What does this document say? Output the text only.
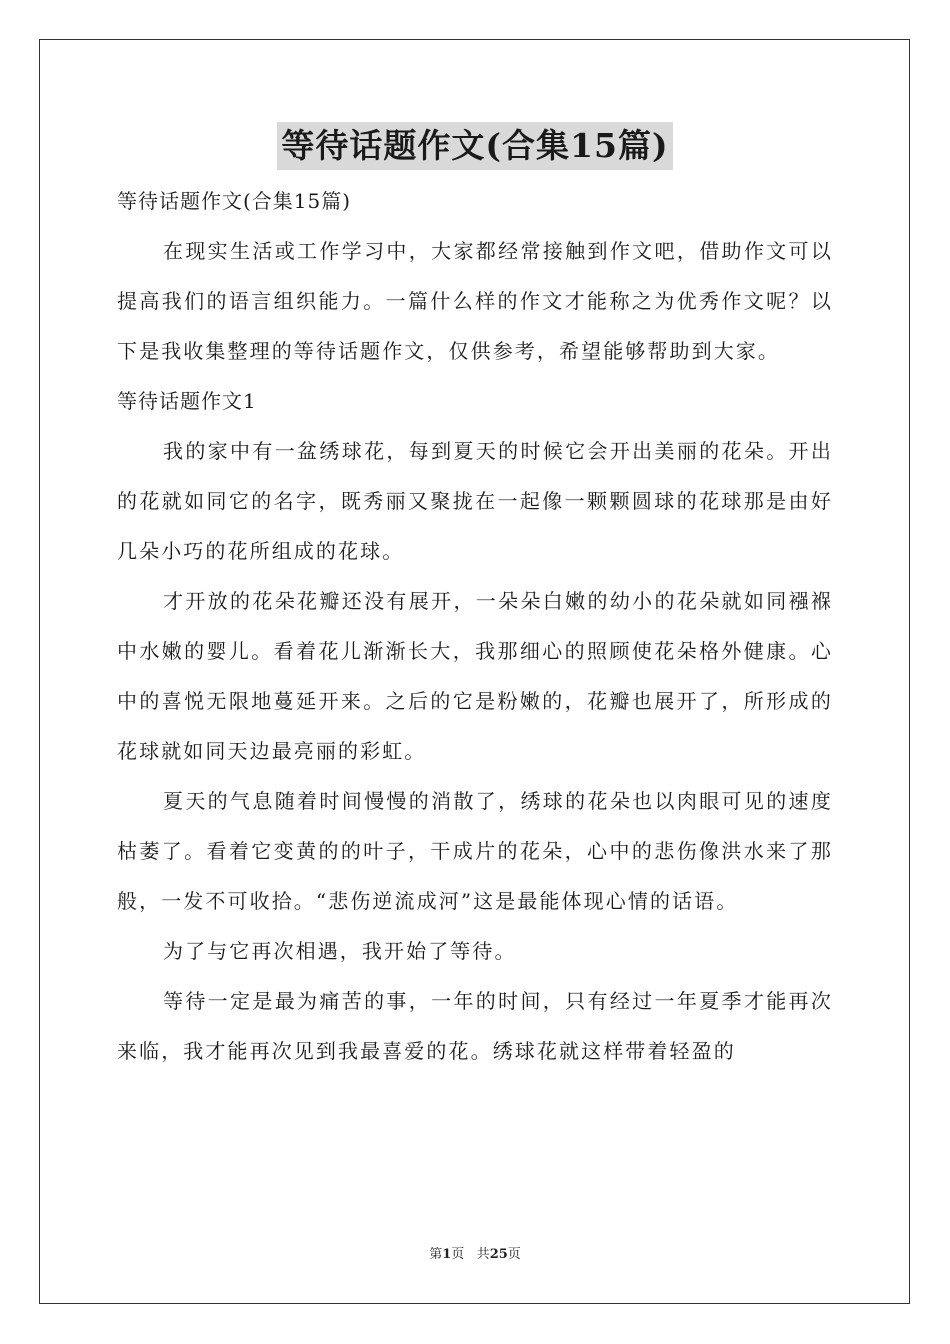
等待话题作文(合集15篇)

等待话题作文(合集15篇)

在现实生活或工作学习中，大家都经常接触到作文吧，借助作文可以提高我们的语言组织能力。一篇什么样的作文才能称之为优秀作文呢？以下是我收集整理的等待话题作文，仅供参考，希望能够帮助到大家。

等待话题作文1

我的家中有一盆绣球花，每到夏天的时候它会开出美丽的花朵。开出的花就如同它的名字，既秀丽又聚拢在一起像一颗颗圆球的花球那是由好几朵小巧的花所组成的花球。

才开放的花朵花瓣还没有展开，一朵朵白嫩的幼小的花朵就如同襁褓中水嫩的婴儿。看着花儿渐渐长大，我那细心的照顾使花朵格外健康。心中的喜悦无限地蔓延开来。之后的它是粉嫩的，花瓣也展开了，所形成的花球就如同天边最亮丽的彩虹。

夏天的气息随着时间慢慢的消散了，绣球的花朵也以肉眼可见的速度枯萎了。看着它变黄的的叶子，干成片的花朵，心中的悲伤像洪水来了那般，一发不可收拾。“悲伤逆流成河”这是最能体现心情的话语。

为了与它再次相遇，我开始了等待。

等待一定是最为痛苦的事，一年的时间，只有经过一年夏季才能再次来临，我才能再次见到我最喜爱的花。绣球花就这样带着轻盈的

第1页 共25页
